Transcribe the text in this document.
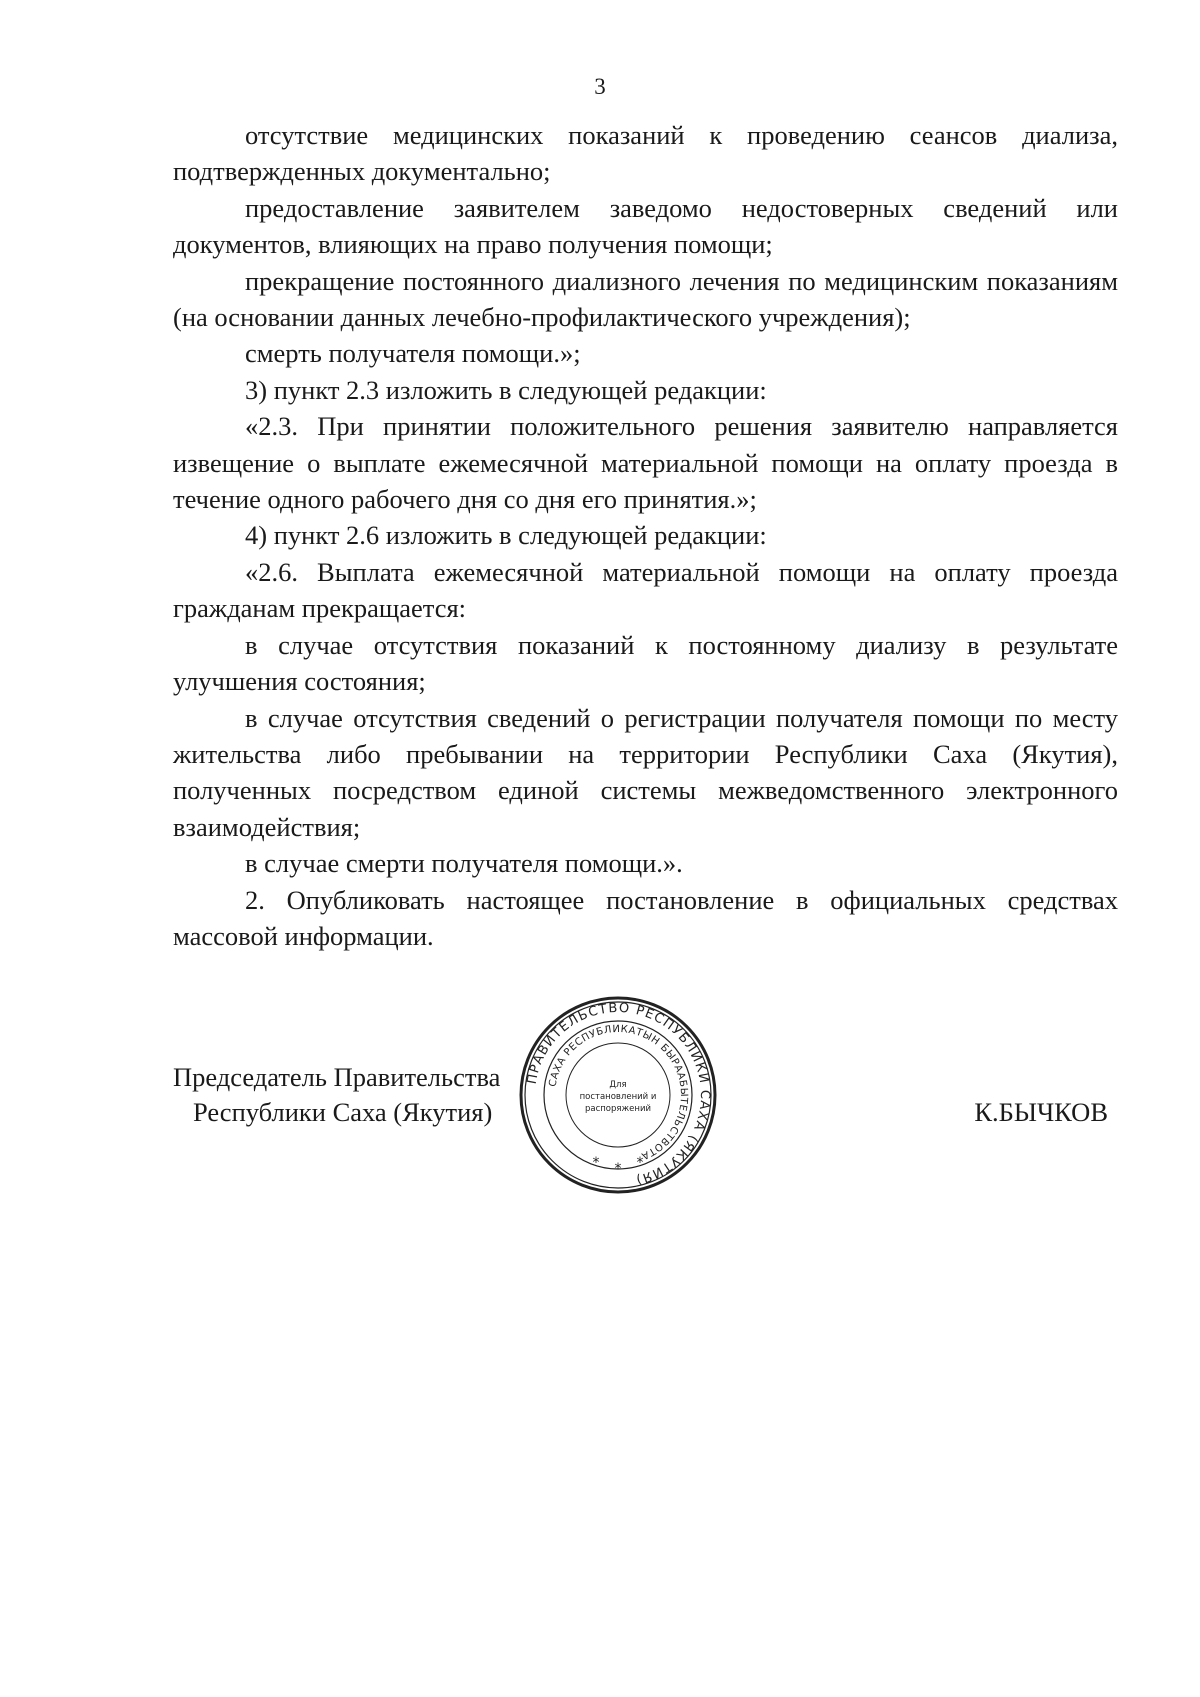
3

отсутствие медицинских показаний к проведению сеансов диализа, подтвержденных документально;

предоставление заявителем заведомо недостоверных сведений или документов, влияющих на право получения помощи;

прекращение постоянного диализного лечения по медицинским показаниям (на основании данных лечебно-профилактического учреждения);

смерть получателя помощи.»;

3) пункт 2.3 изложить в следующей редакции:

«2.3. При принятии положительного решения заявителю направляется извещение о выплате ежемесячной материальной помощи на оплату проезда в течение одного рабочего дня со дня его принятия.»;

4) пункт 2.6 изложить в следующей редакции:

«2.6. Выплата ежемесячной материальной помощи на оплату проезда гражданам прекращается:

в случае отсутствия показаний к постоянному диализу в результате улучшения состояния;

в случае отсутствия сведений о регистрации получателя помощи по месту жительства либо пребывании на территории Республики Саха (Якутия), полученных посредством единой системы межведомственного электронного взаимодействия;

в случае смерти получателя помощи.».

2. Опубликовать настоящее постановление в официальных средствах массовой информации.

Председатель Правительства
Республики Саха (Якутия)	К.БЫЧКОВ
ПРАВИТЕЛЬСТВО РЕСПУБЛИКИ САХА (ЯКУТИЯ)
САХА РЕСПУБЛИКАТЫН БЫРААБЫТЕЛЬСТВОТА
Для
постановлений и
распоряжений
* * *
